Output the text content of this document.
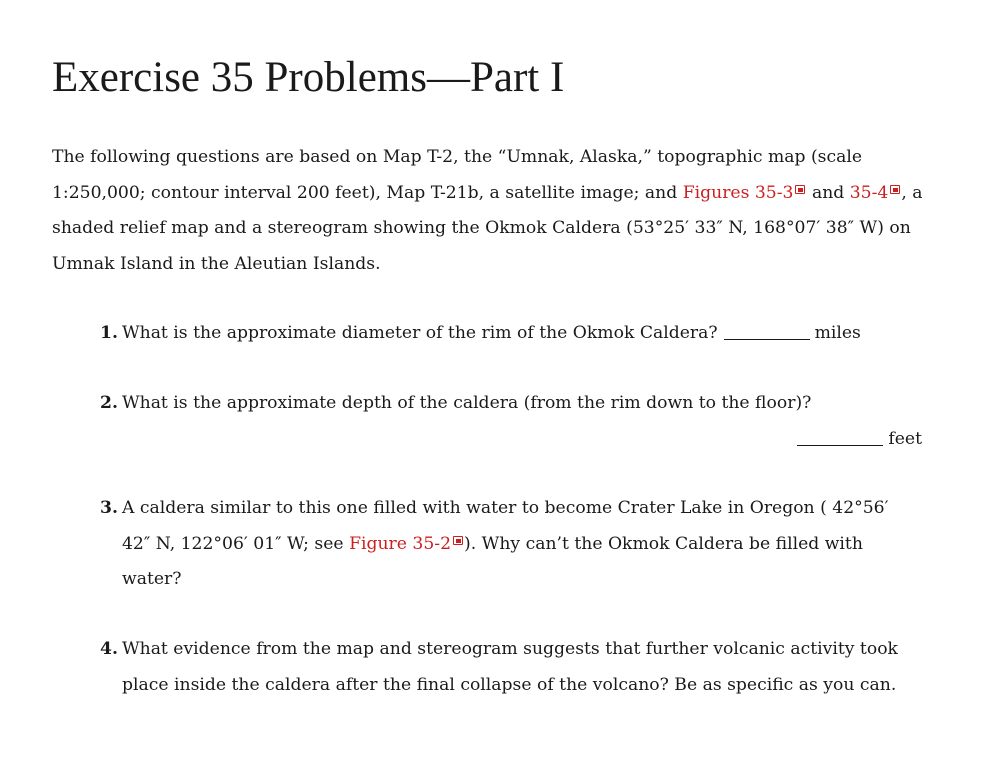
Exercise 35 Problems—Part I

The following questions are based on Map T-2, the “Umnak, Alaska,” topographic map (scale 1:250,000; contour interval 200 feet), Map T-21b, a satellite image; and Figures 35-3 and 35-4 , a shaded relief map and a stereogram showing the Okmok Caldera (53°25′ 33″ N, 168°07′ 38″ W) on Umnak Island in the Aleutian Islands.

1. What is the approximate diameter of the rim of the Okmok Caldera?	miles

2. What is the approximate depth of the caldera (from the rim down to the floor)?

feet

3. A caldera similar to this one filled with water to become Crater Lake in Oregon ( 42°56′ 42″ N, 122°06′ 01″ W; see Figure 35-2 ). Why can’t the Okmok Caldera be filled with water?

4. What evidence from the map and stereogram suggests that further volcanic activity took place inside the caldera after the final collapse of the volcano? Be as specific as you can.
